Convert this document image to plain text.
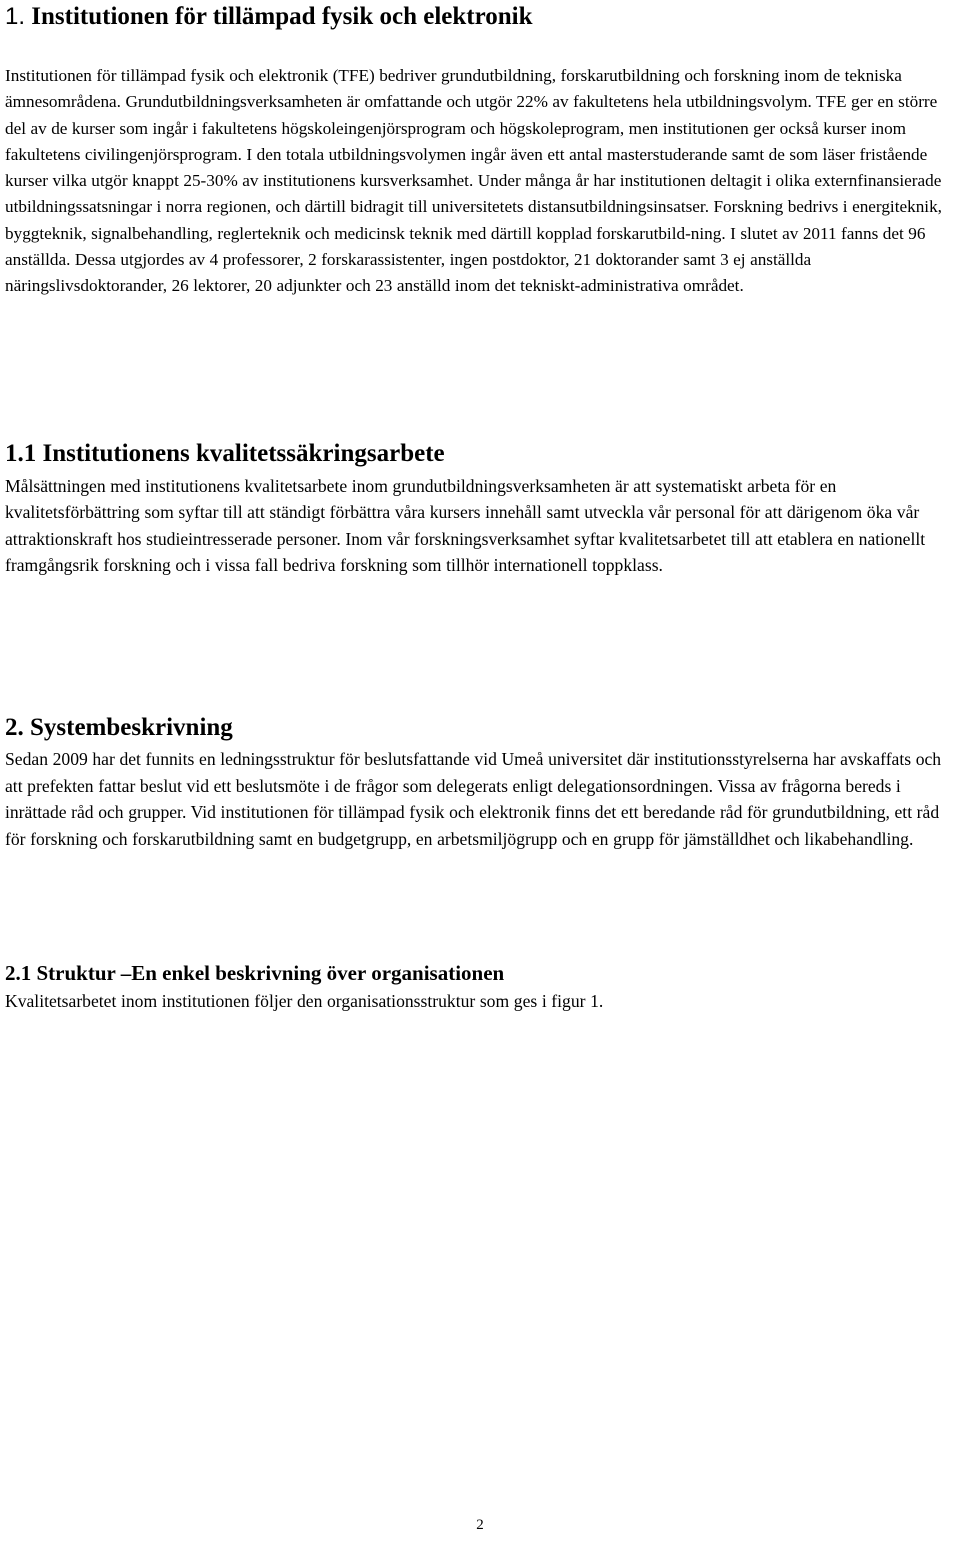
1. Institutionen för tillämpad fysik och elektronik

Institutionen för tillämpad fysik och elektronik (TFE) bedriver grundutbildning, forskarutbildning och forskning inom de tekniska ämnesområdena. Grundutbildningsverksamheten är omfattande och utgör 22% av fakultetens hela utbildningsvolym. TFE ger en större del av de kurser som ingår i fakultetens högskoleingenjörsprogram och högskoleprogram, men institutionen ger också kurser inom fakultetens civilingenjörsprogram. I den totala utbildningsvolymen ingår även ett antal masterstuderande samt de som läser fristående kurser vilka utgör knappt 25-30% av institutionens kursverksamhet. Under många år har institutionen deltagit i olika externfinansierade utbildningssatsningar i norra regionen, och därtill bidragit till universitetets distansutbildningsinsatser. Forskning bedrivs i energiteknik, byggteknik, signalbehandling, reglerteknik och medicinsk teknik med därtill kopplad forskarutbild-ning. I slutet av 2011 fanns det 96 anställda. Dessa utgjordes av 4 professorer, 2 forskarassistenter, ingen postdoktor, 21 doktorander samt 3 ej anställda näringslivsdoktorander, 26 lektorer, 20 adjunkter och 23 anställd inom det tekniskt-administrativa området.

1.1 Institutionens kvalitetssäkringsarbete

Målsättningen med institutionens kvalitetsarbete inom grundutbildningsverksamheten är att systematiskt arbeta för en kvalitetsförbättring som syftar till att ständigt förbättra våra kursers innehåll samt utveckla vår personal för att därigenom öka vår attraktionskraft hos studieintresserade personer. Inom vår forskningsverksamhet syftar kvalitetsarbetet till att etablera en nationellt framgångsrik forskning och i vissa fall bedriva forskning som tillhör internationell toppklass.

2. Systembeskrivning

Sedan 2009 har det funnits en ledningsstruktur för beslutsfattande vid Umeå universitet där institutionsstyrelserna har avskaffats och att prefekten fattar beslut vid ett beslutsmöte i de frågor som delegerats enligt delegationsordningen. Vissa av frågorna bereds i inrättade råd och grupper. Vid institutionen för tillämpad fysik och elektronik finns det ett beredande råd för grundutbildning, ett råd för forskning och forskarutbildning samt en budgetgrupp, en arbetsmiljögrupp och en grupp för jämställdhet och likabehandling.

2.1 Struktur –En enkel beskrivning över organisationen

Kvalitetsarbetet inom institutionen följer den organisationsstruktur som ges i figur 1.

2
